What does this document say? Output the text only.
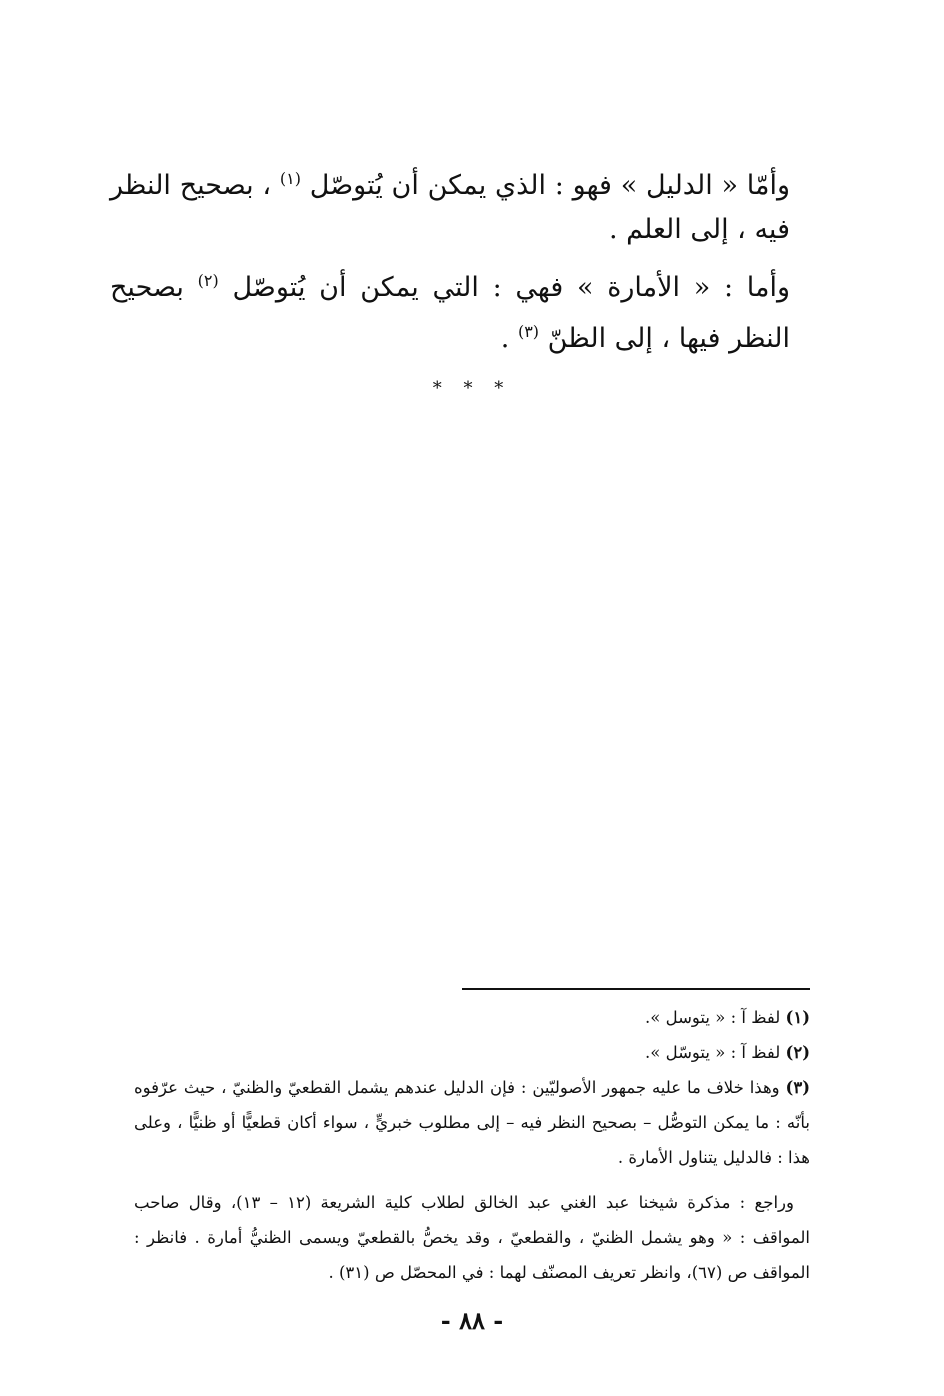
وأمّا « الدليل » فهو : الذي يمكن أن يُتوصّل $^{(١)}$ ، بصحيح النظر فيه ، إلى العلم .

وأما : « الأمارة » فهي : التي يمكن أن يُتوصّل $^{(٢)}$ بصحيح النظر فيها ، إلى الظنّ $^{(٣)}$ .

* * *

(١) لفظ آ : « يتوسل ».

(٢) لفظ آ : « يتوسّل ».

(٣) وهذا خلاف ما عليه جمهور الأصوليّين : فإن الدليل عندهم يشمل القطعيّ والظنيّ ، حيث عرّفوه بأنّه : ما يمكن التوصُّل – بصحيح النظر فيه – إلى مطلوب خبريٍّ ، سواء أكان قطعيًّا أو ظنيًّا ، وعلى هذا : فالدليل يتناول الأمارة .

وراجع : مذكرة شيخنا عبد الغني عبد الخالق لطلاب كلية الشريعة (١٢ – ١٣)، وقال صاحب المواقف : « وهو يشمل الظنيّ ، والقطعيّ ، وقد يخصُّ بالقطعيّ ويسمى الظنيُّ أمارة . فانظر : المواقف ص (٦٧)، وانظر تعريف المصنّف لهما : في المحصّل ص (٣١) .

- ٨٨ -
